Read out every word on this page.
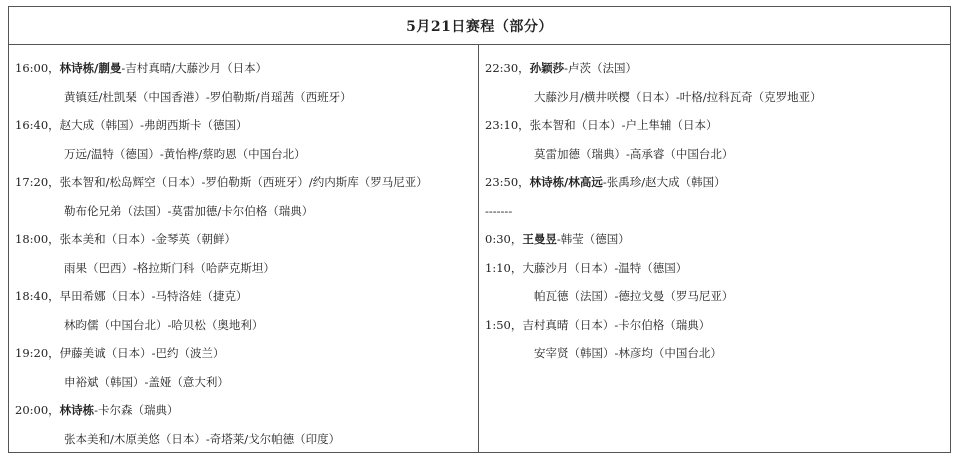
5月21日赛程（部分）
16:00，林诗栋/蒯曼-吉村真晴/大藤沙月（日本）
黄镇廷/杜凯琹（中国香港）-罗伯勒斯/肖瑶茜（西班牙）
16:40，赵大成（韩国）-弗朗西斯卡（德国）
万远/温特（德国）-黄怡桦/蔡昀恩（中国台北）
17:20，张本智和/松岛辉空（日本）-罗伯勒斯（西班牙）/约内斯库（罗马尼亚）
勒布伦兄弟（法国）-莫雷加德/卡尔伯格（瑞典）
18:00，张本美和（日本）-金琴英（朝鲜）
雨果（巴西）-格拉斯门科（哈萨克斯坦）
18:40，早田希娜（日本）-马特洛娃（捷克）
林昀儒（中国台北）-哈贝松（奥地利）
19:20，伊藤美诚（日本）-巴约（波兰）
申裕斌（韩国）-盖娅（意大利）
20:00，林诗栋-卡尔森（瑞典）
张本美和/木原美悠（日本）-奇塔莱/戈尔帕德（印度）
22:30，孙颖莎-卢茨（法国）
大藤沙月/横井咲樱（日本）-叶格/拉科瓦奇（克罗地亚）
23:10，张本智和（日本）-户上隼辅（日本）
莫雷加德（瑞典）-高承睿（中国台北）
23:50，林诗栋/林高远-张禹珍/赵大成（韩国）
-------
0:30，王曼昱-韩莹（德国）
1:10，大藤沙月（日本）-温特（德国）
帕瓦德（法国）-德拉戈曼（罗马尼亚）
1:50，吉村真晴（日本）-卡尔伯格（瑞典）
安宰贤（韩国）-林彦均（中国台北）
